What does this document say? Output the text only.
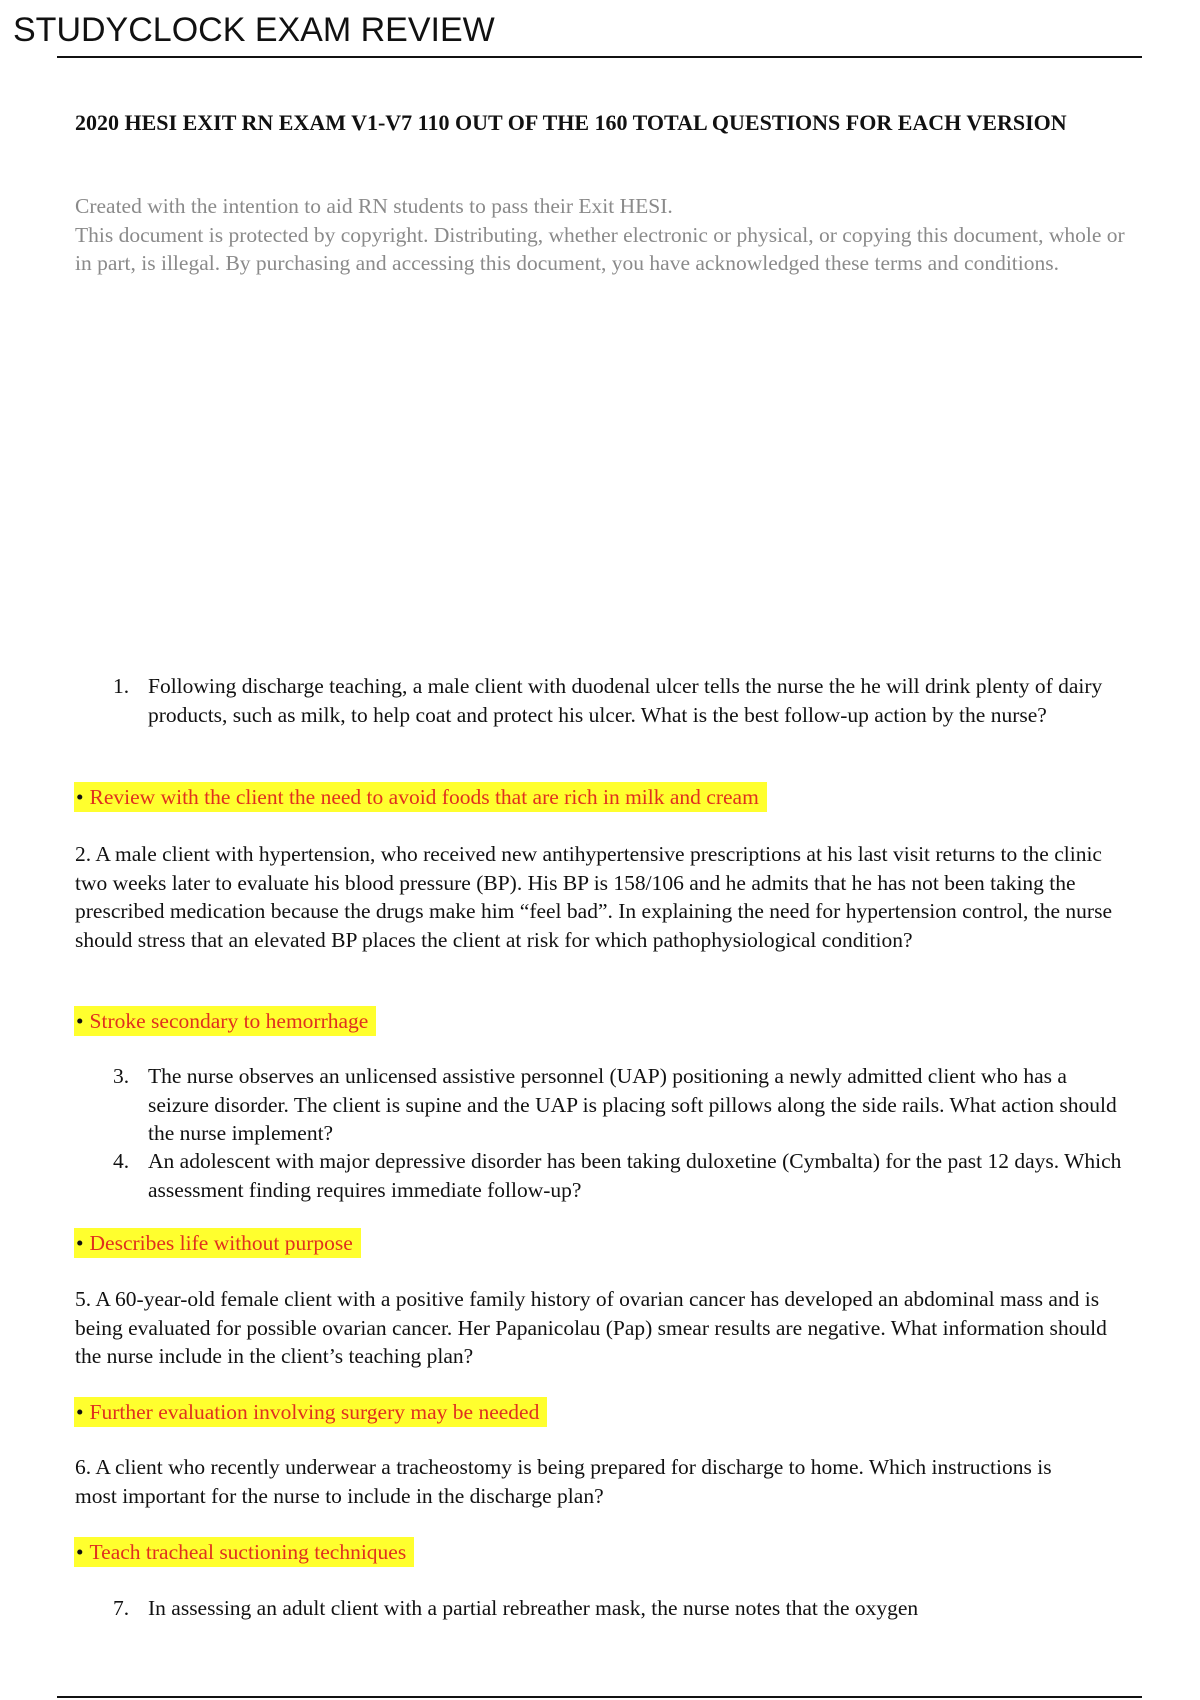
STUDYCLOCK EXAM REVIEW
2020 HESI EXIT RN EXAM V1-V7 110 OUT OF THE 160 TOTAL QUESTIONS FOR EACH VERSION

Created with the intention to aid RN students to pass their Exit HESI.

This document is protected by copyright. Distributing, whether electronic or physical, or copying this document, whole or in part, is illegal. By purchasing and accessing this document, you have acknowledged these terms and conditions.

1. Following discharge teaching, a male client with duodenal ulcer tells the nurse the he will drink plenty of dairy products, such as milk, to help coat and protect his ulcer. What is the best follow-up action by the nurse?
• Review with the client the need to avoid foods that are rich in milk and cream
2. A male client with hypertension, who received new antihypertensive prescriptions at his last visit returns to the clinic two weeks later to evaluate his blood pressure (BP). His BP is 158/106 and he admits that he has not been taking the prescribed medication because the drugs make him “feel bad”. In explaining the need for hypertension control, the nurse should stress that an elevated BP places the client at risk for which pathophysiological condition?
• Stroke secondary to hemorrhage
3. The nurse observes an unlicensed assistive personnel (UAP) positioning a newly admitted client who has a seizure disorder. The client is supine and the UAP is placing soft pillows along the side rails. What action should the nurse implement?
4. An adolescent with major depressive disorder has been taking duloxetine (Cymbalta) for the past 12 days. Which assessment finding requires immediate follow-up?
• Describes life without purpose
5. A 60-year-old female client with a positive family history of ovarian cancer has developed an abdominal mass and is being evaluated for possible ovarian cancer. Her Papanicolau (Pap) smear results are negative. What information should the nurse include in the client’s teaching plan?
• Further evaluation involving surgery may be needed
6. A client who recently underwear a tracheostomy is being prepared for discharge to home. Which instructions is most important for the nurse to include in the discharge plan?
• Teach tracheal suctioning techniques
7. In assessing an adult client with a partial rebreather mask, the nurse notes that the oxygen
